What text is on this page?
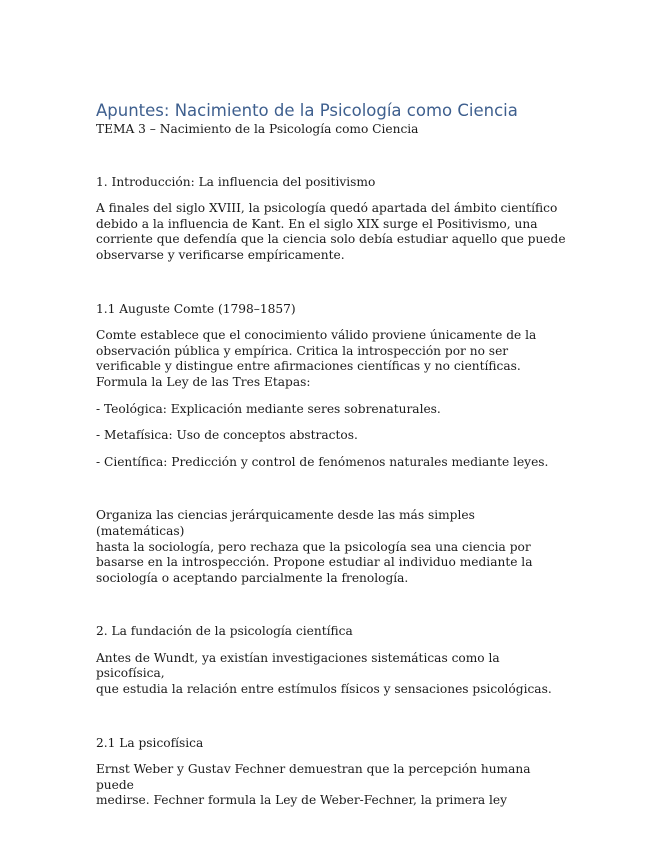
Apuntes: Nacimiento de la Psicología como Ciencia

TEMA 3 – Nacimiento de la Psicología como Ciencia

1. Introducción: La influencia del positivismo

A finales del siglo XVIII, la psicología quedó apartada del ámbito científico

debido a la influencia de Kant. En el siglo XIX surge el Positivismo, una

corriente que defendía que la ciencia solo debía estudiar aquello que puede

observarse y verificarse empíricamente.

1.1 Auguste Comte (1798–1857)

Comte establece que el conocimiento válido proviene únicamente de la

observación pública y empírica. Critica la introspección por no ser

verificable y distingue entre afirmaciones científicas y no científicas.

Formula la Ley de las Tres Etapas:

- Teológica: Explicación mediante seres sobrenaturales.

- Metafísica: Uso de conceptos abstractos.

- Científica: Predicción y control de fenómenos naturales mediante leyes.

Organiza las ciencias jerárquicamente desde las más simples (matemáticas)

hasta la sociología, pero rechaza que la psicología sea una ciencia por

basarse en la introspección. Propone estudiar al individuo mediante la

sociología o aceptando parcialmente la frenología.

2. La fundación de la psicología científica

Antes de Wundt, ya existían investigaciones sistemáticas como la psicofísica,

que estudia la relación entre estímulos físicos y sensaciones psicológicas.

2.1 La psicofísica

Ernst Weber y Gustav Fechner demuestran que la percepción humana puede

medirse. Fechner formula la Ley de Weber-Fechner, la primera ley
